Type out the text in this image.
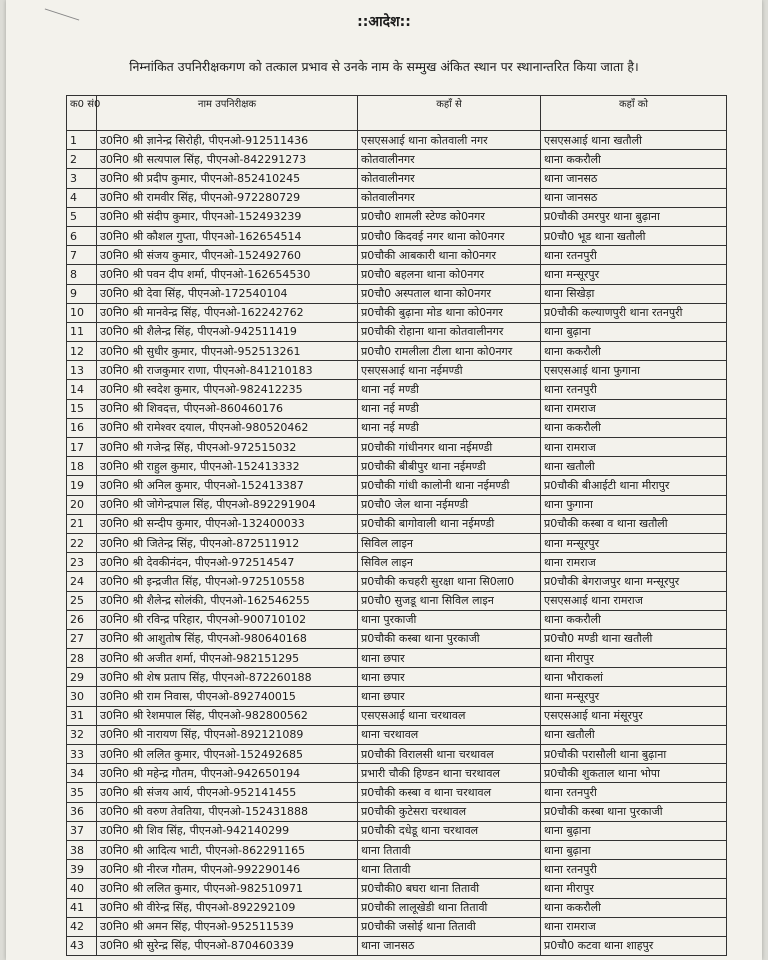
::आदेश::
निम्नांकित उपनिरीक्षकगण को तत्काल प्रभाव से उनके नाम के सम्मुख अंकित स्थान पर स्थानान्तरित किया जाता है।
क0 सं0	नाम उपनिरीक्षक	कहाँ से	कहाँ को
1	उ0नि0 श्री ज्ञानेन्द्र सिरोही, पीएनओ-912511436	एसएसआई थाना कोतवाली नगर	एसएसआई थाना खतौली
2	उ0नि0 श्री सत्यपाल सिंह, पीएनओ-842291273	कोतवालीनगर	थाना ककरौली
3	उ0नि0 श्री प्रदीप कुमार, पीएनओ-852410245	कोतवालीनगर	थाना जानसठ
4	उ0नि0 श्री रामवीर सिंह, पीएनओ-972280729	कोतवालीनगर	थाना जानसठ
5	उ0नि0 श्री संदीप कुमार, पीएनओ-152493239	प्र0चौ0 शामली स्टेण्ड को0नगर	प्र0चौकी उमरपुर थाना बुढ़ाना
6	उ0नि0 श्री कौशल गुप्ता, पीएनओ-162654514	प्र0चौ0 किदवई नगर थाना को0नगर	प्र0चौ0 भूड थाना खतौली
7	उ0नि0 श्री संजय कुमार, पीएनओ-152492760	प्र0चौकी आबकारी थाना को0नगर	थाना रतनपुरी
8	उ0नि0 श्री पवन दीप शर्मा, पीएनओ-162654530	प्र0चौ0 बहलना थाना को0नगर	थाना मन्सूरपुर
9	उ0नि0 श्री देवा सिंह, पीएनओ-172540104	प्र0चौ0 अस्पताल थाना को0नगर	थाना सिखेड़ा
10	उ0नि0 श्री मानवेन्द्र सिंह, पीएनओ-162242762	प्र0चौकी बुढ़ाना मोड थाना को0नगर	प्र0चौकी कल्याणपुरी थाना रतनपुरी
11	उ0नि0 श्री शैलेन्द्र सिंह, पीएनओ-942511419	प्र0चौकी रोहाना थाना कोतवालीनगर	थाना बुढ़ाना
12	उ0नि0 श्री सुधीर कुमार, पीएनओ-952513261	प्र0चौ0 रामलीला टीला थाना को0नगर	थाना ककरौली
13	उ0नि0 श्री राजकुमार राणा, पीएनओ-841210183	एसएसआई थाना नईमण्डी	एसएसआई थाना फुगाना
14	उ0नि0 श्री स्वदेश कुमार, पीएनओ-982412235	थाना नई मण्डी	थाना रतनपुरी
15	उ0नि0 श्री शिवदत्त, पीएनओ-860460176	थाना नई मण्डी	थाना रामराज
16	उ0नि0 श्री रामेश्वर दयाल, पीएनओ-980520462	थाना नई मण्डी	थाना ककरौली
17	उ0नि0 श्री गजेन्द्र सिंह, पीएनओ-972515032	प्र0चौकी गांधीनगर थाना नईमण्डी	थाना रामराज
18	उ0नि0 श्री राहुल कुमार, पीएनओ-152413332	प्र0चौकी बीबीपुर थाना नईमण्डी	थाना खतौली
19	उ0नि0 श्री अनिल कुमार, पीएनओ-152413387	प्र0चौकी गांधी कालोनी थाना नईमण्डी	प्र0चौकी बीआईटी थाना मीरापुर
20	उ0नि0 श्री जोगेन्द्रपाल सिंह, पीएनओ-892291904	प्र0चौ0 जेल थाना नईमण्डी	थाना फुगाना
21	उ0नि0 श्री सन्दीप कुमार, पीएनओ-132400033	प्र0चौकी बागोवाली थाना नईमण्डी	प्र0चौकी कस्बा व थाना खतौली
22	उ0नि0 श्री जितेन्द्र सिंह, पीएनओ-872511912	सिविल लाइन	थाना मन्सूरपुर
23	उ0नि0 श्री देवकीनंदन, पीएनओ-972514547	सिविल लाइन	थाना रामराज
24	उ0नि0 श्री इन्द्रजीत सिंह, पीएनओ-972510558	प्र0चौकी कचहरी सुरक्षा थाना सि0ला0	प्र0चौकी बेगराजपुर थाना मन्सूरपुर
25	उ0नि0 श्री शैलेन्द्र सोलंकी, पीएनओ-162546255	प्र0चौ0 सुजडू थाना सिविल लाइन	एसएसआई थाना रामराज
26	उ0नि0 श्री रविन्द्र परिहार, पीएनओ-900710102	थाना पुरकाजी	थाना ककरौली
27	उ0नि0 श्री आशुतोष सिंह, पीएनओ-980640168	प्र0चौकी कस्बा थाना पुरकाजी	प्र0चौ0 मण्डी थाना खतौली
28	उ0नि0 श्री अजीत शर्मा, पीएनओ-982151295	थाना छपार	थाना मीरापुर
29	उ0नि0 श्री शेष प्रताप सिंह, पीएनओ-872260188	थाना छपार	थाना भौराकलां
30	उ0नि0 श्री राम निवास, पीएनओ-892740015	थाना छपार	थाना मन्सूरपुर
31	उ0नि0 श्री रेशमपाल सिंह, पीएनओ-982800562	एसएसआई थाना चरथावल	एसएसआई थाना मंसूरपुर
32	उ0नि0 श्री नारायण सिंह, पीएनओ-892121089	थाना चरथावल	थाना खतौली
33	उ0नि0 श्री ललित कुमार, पीएनओ-152492685	प्र0चौकी विरालसी थाना चरथावल	प्र0चौकी परासौली थाना बुढ़ाना
34	उ0नि0 श्री महेन्द्र गौतम, पीएनओ-942650194	प्रभारी चौकी हिण्डन थाना चरथावल	प्र0चौकी शुकताल थाना भोपा
35	उ0नि0 श्री संजय आर्य, पीएनओ-952141455	प्र0चौकी कस्बा व थाना चरथावल	थाना रतनपुरी
36	उ0नि0 श्री वरुण तेवतिया, पीएनओ-152431888	प्र0चौकी कुटेसरा चरथावल	प्र0चौकी कस्बा थाना पुरकाजी
37	उ0नि0 श्री शिव सिंह, पीएनओ-942140299	प्र0चौकी दधेडू थाना चरथावल	थाना बुढ़ाना
38	उ0नि0 श्री आदित्य भाटी, पीएनओ-862291165	थाना तितावी	थाना बुढ़ाना
39	उ0नि0 श्री नीरज गौतम, पीएनओ-992290146	थाना तितावी	थाना रतनपुरी
40	उ0नि0 श्री ललित कुमार, पीएनओ-982510971	प्र0चौकी0 बघरा थाना तितावी	थाना मीरापुर
41	उ0नि0 श्री वीरेन्द्र सिंह, पीएनओ-892292109	प्र0चौकी लालूखेडी थाना तितावी	थाना ककरौली
42	उ0नि0 श्री अमन सिंह, पीएनओ-952511539	प्र0चौकी जसोई थाना तितावी	थाना रामराज
43	उ0नि0 श्री सुरेन्द्र सिंह, पीएनओ-870460339	थाना जानसठ	प्र0चौ0 कटवा थाना शाहपुर
